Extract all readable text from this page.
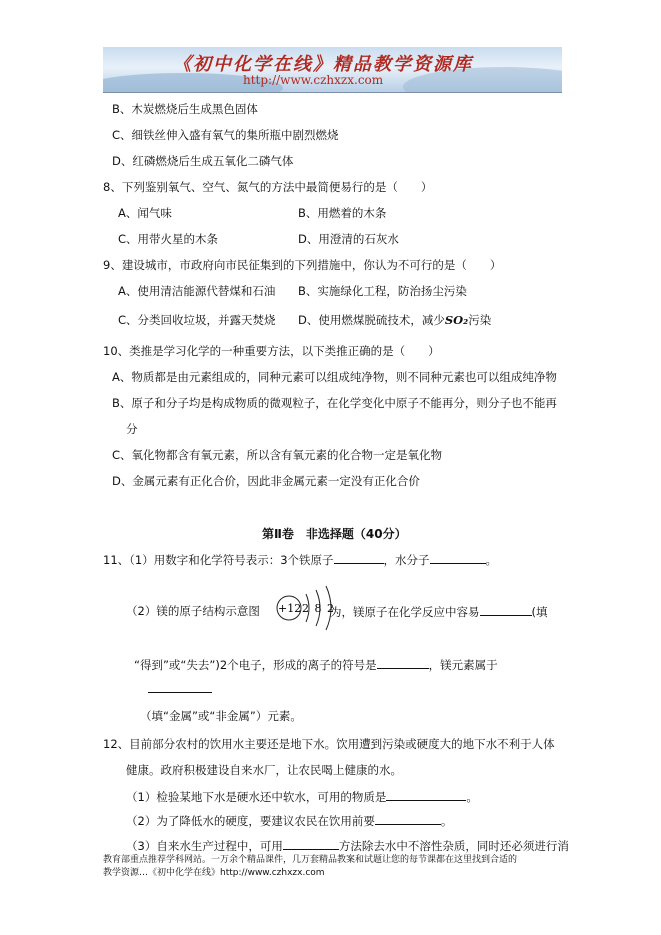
《初中化学在线》精品教学资源库
http://www.czhxzx.com
B、木炭燃烧后生成黑色固体
C、细铁丝伸入盛有氧气的集所瓶中剧烈燃烧
D、红磷燃烧后生成五氧化二磷气体
8、下列鉴别氧气、空气、氮气的方法中最简便易行的是（　　）
A、闻气味	B、用燃着的木条
C、用带火星的木条	D、用澄清的石灰水
9、建设城市，市政府向市民征集到的下列措施中，你认为不可行的是（　　）
A、使用清洁能源代替煤和石油 B、实施绿化工程，防治扬尘污染
C、分类回收垃圾，并露天焚烧 D、使用燃煤脱硫技术，减少SO₂污染
10、类推是学习化学的一种重要方法，以下类推正确的是（　　）
A、物质都是由元素组成的，同种元素可以组成纯净物，则不同种元素也可以组成纯净物
B、原子和分子均是构成物质的微观粒子，在化学变化中原子不能再分，则分子也不能再
分
C、氧化物都含有氧元素，所以含有氧元素的化合物一定是氧化物
D、金属元素有正化合价，因此非金属元素一定没有正化合价
第Ⅱ卷　非选择题（40分）
11、（1）用数字和化学符号表示：3个铁原子	，水分子	。
（2）镁的原子结构示意图 +12 2 8 2
为，镁原子在化学反应中容易	(填
“得到”或“失去”)2个电子，形成的离子的符号是	，镁元素属于
（填“金属”或“非金属”）元素。
12、目前部分农村的饮用水主要还是地下水。饮用遭到污染或硬度大的地下水不利于人体
健康。政府积极建设自来水厂，让农民喝上健康的水。
（1）检验某地下水是硬水还中软水，可用的物质是	。
（2）为了降低水的硬度，要建议农民在饮用前要	。
（3）自来水生产过程中，可用	方法除去水中不溶性杂质，同时还必须进行消
教育部重点推荐学科网站。一万余个精品课件，几万套精品教案和试题让您的每节课都在这里找到合适的
教学资源…《初中化学在线》http://www.czhxzx.com
